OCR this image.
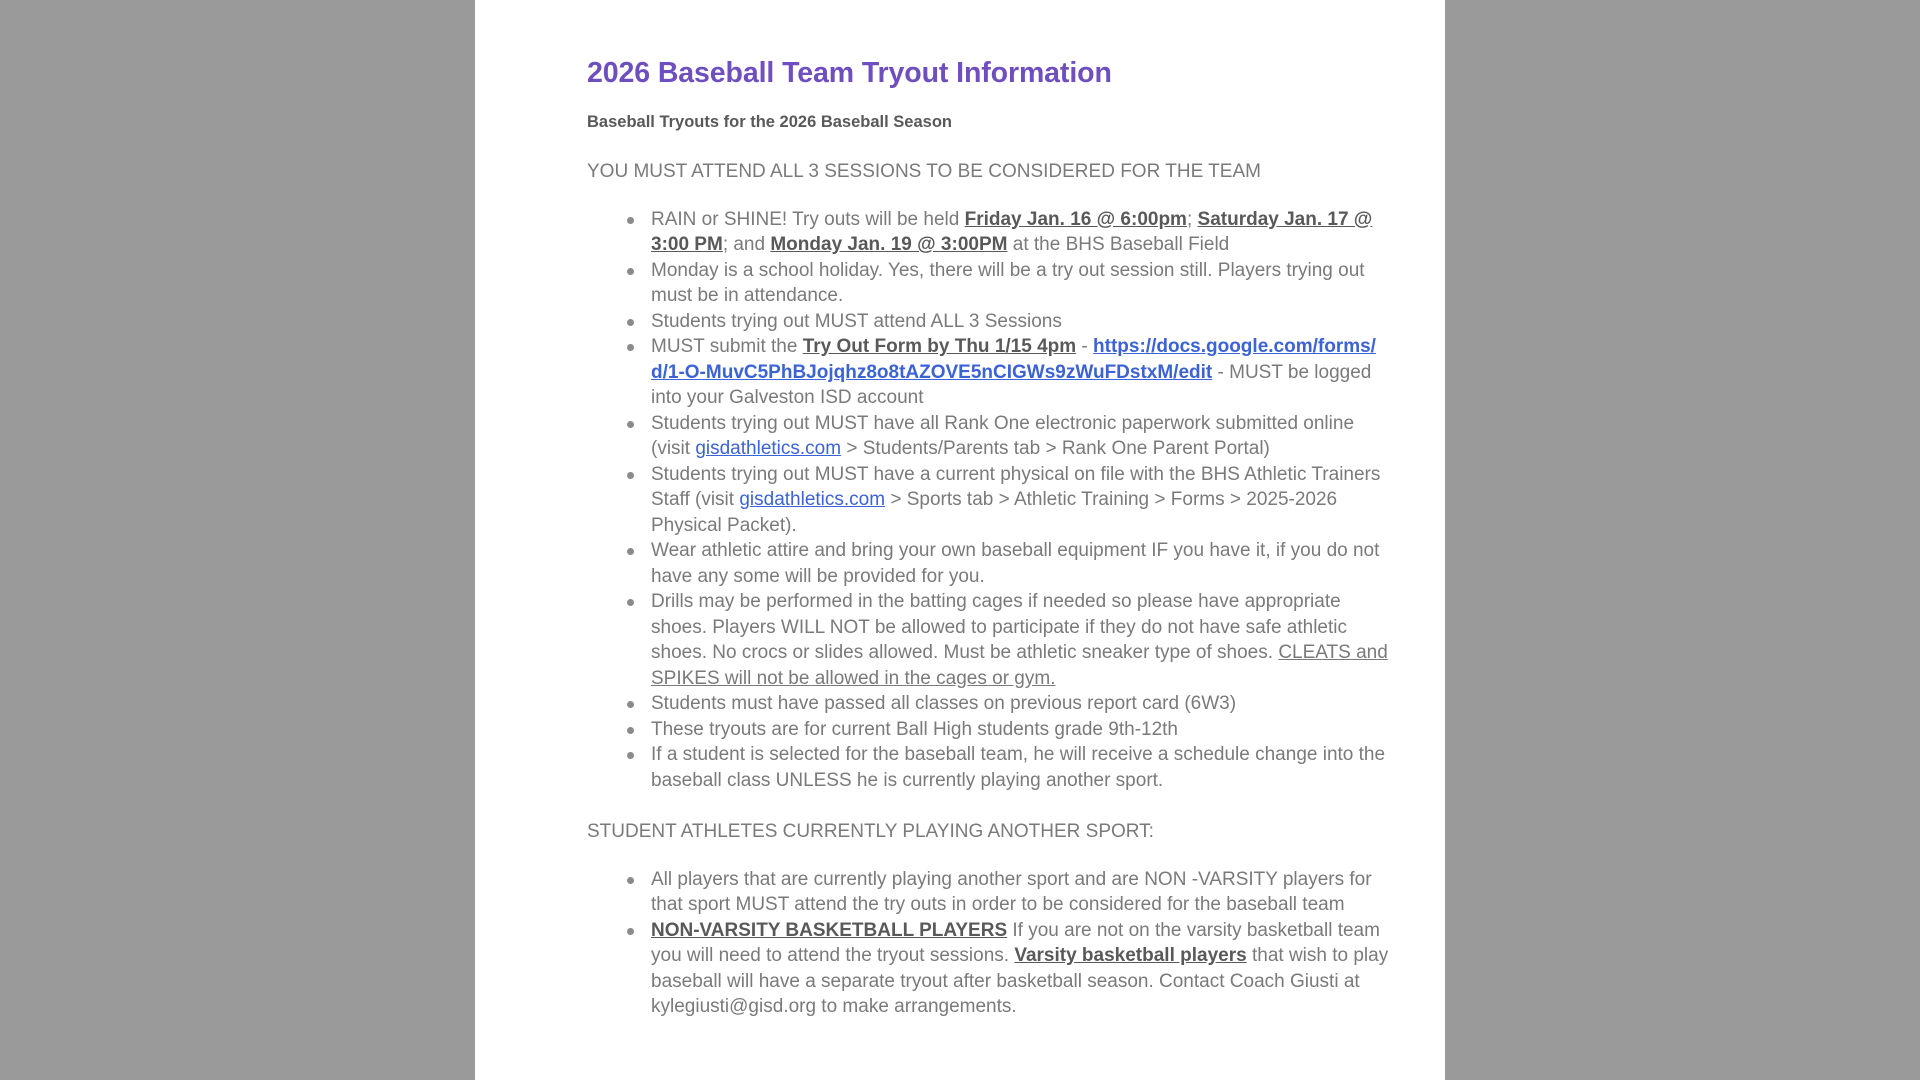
2026 Baseball Team Tryout Information
Baseball Tryouts for the 2026 Baseball Season

YOU MUST ATTEND ALL 3 SESSIONS TO BE CONSIDERED FOR THE TEAM

RAIN or SHINE! Try outs will be held Friday Jan. 16 @ 6:00pm; Saturday Jan. 17 @ 3:00 PM; and Monday Jan. 19 @ 3:00PM at the BHS Baseball Field
Monday is a school holiday. Yes, there will be a try out session still. Players trying out must be in attendance.
Students trying out MUST attend ALL 3 Sessions
MUST submit the Try Out Form by Thu 1/15 4pm - https://docs.google.com/forms/d/1-O-MuvC5PhBJojqhz8o8tAZOVE5nCIGWs9zWuFDstxM/edit - MUST be logged into your Galveston ISD account
Students trying out MUST have all Rank One electronic paperwork submitted online (visit gisdathletics.com > Students/Parents tab > Rank One Parent Portal)
Students trying out MUST have a current physical on file with the BHS Athletic Trainers Staff (visit gisdathletics.com > Sports tab > Athletic Training > Forms > 2025-2026 Physical Packet).
Wear athletic attire and bring your own baseball equipment IF you have it, if you do not have any some will be provided for you.
Drills may be performed in the batting cages if needed so please have appropriate shoes. Players WILL NOT be allowed to participate if they do not have safe athletic shoes. No crocs or slides allowed. Must be athletic sneaker type of shoes. CLEATS and SPIKES will not be allowed in the cages or gym.
Students must have passed all classes on previous report card (6W3)
These tryouts are for current Ball High students grade 9th-12th
If a student is selected for the baseball team, he will receive a schedule change into the baseball class UNLESS he is currently playing another sport.

STUDENT ATHLETES CURRENTLY PLAYING ANOTHER SPORT:

All players that are currently playing another sport and are NON -VARSITY players for that sport MUST attend the try outs in order to be considered for the baseball team
NON-VARSITY BASKETBALL PLAYERS If you are not on the varsity basketball team you will need to attend the tryout sessions. Varsity basketball players that wish to play baseball will have a separate tryout after basketball season. Contact Coach Giusti at kylegiusti@gisd.org to make arrangements.
